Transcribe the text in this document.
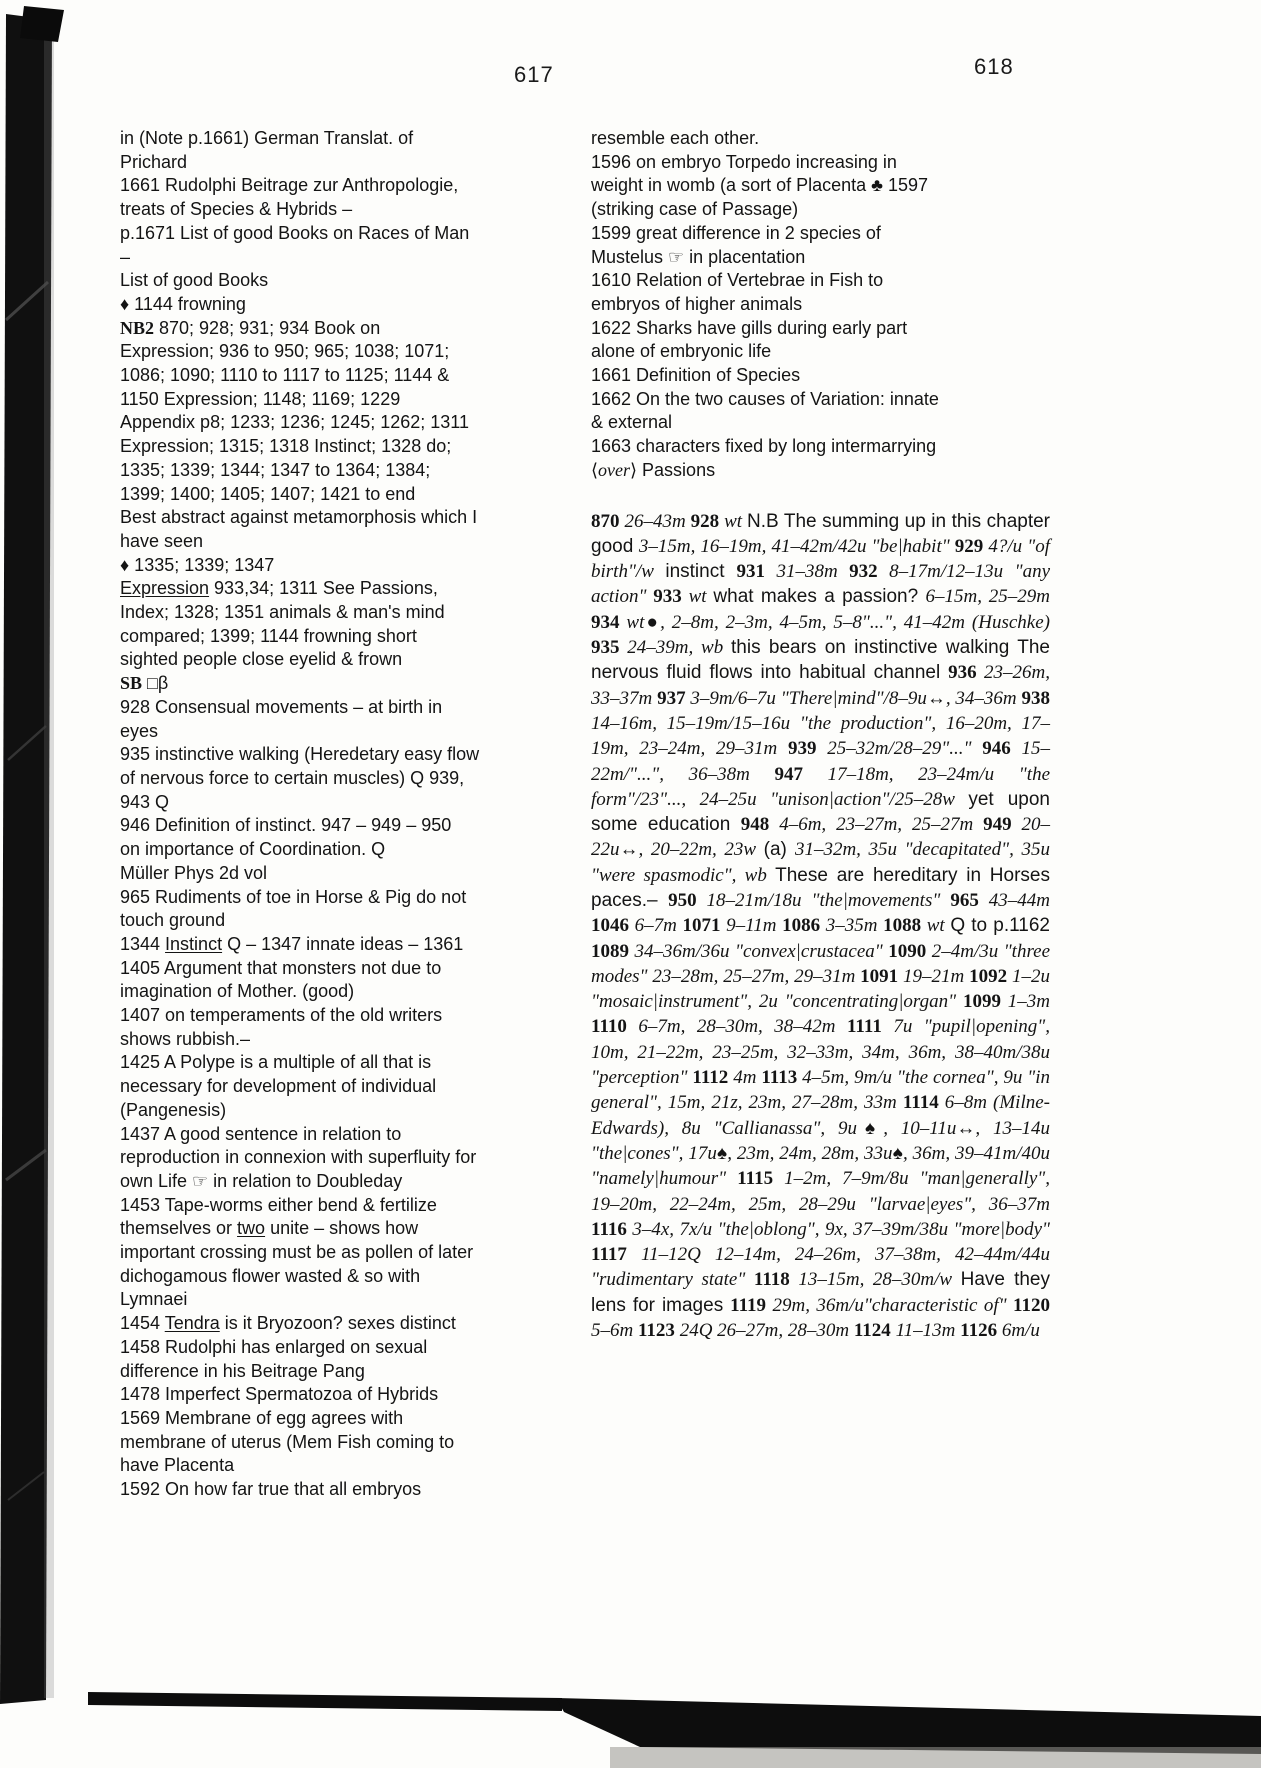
617	618

in (Note p.1661) German Translat. of
Prichard

1661 Rudolphi Beitrage zur Anthropologie,
treats of Species & Hybrids –

p.1671 List of good Books on Races of Man
–

List of good Books

♦ 1144 frowning

NB2 870; 928; 931; 934 Book on
Expression; 936 to 950; 965; 1038; 1071;
1086; 1090; 1110 to 1117 to 1125; 1144 &
1150 Expression; 1148; 1169; 1229
Appendix p8; 1233; 1236; 1245; 1262; 1311
Expression; 1315; 1318 Instinct; 1328 do;
1335; 1339; 1344; 1347 to 1364; 1384;
1399; 1400; 1405; 1407; 1421 to end

Best abstract against metamorphosis which I
have seen

♦ 1335; 1339; 1347

Expression 933,34; 1311 See Passions,
Index; 1328; 1351 animals & man's mind
compared; 1399; 1144 frowning short
sighted people close eyelid & frown

SB □β

928 Consensual movements – at birth in
eyes

935 instinctive walking (Heredetary easy flow
of nervous force to certain muscles) Q 939,
943 Q

946 Definition of instinct. 947 – 949 – 950
on importance of Coordination. Q

Müller Phys 2d vol

965 Rudiments of toe in Horse & Pig do not
touch ground

1344 Instinct Q – 1347 innate ideas – 1361

1405 Argument that monsters not due to
imagination of Mother. (good)

1407 on temperaments of the old writers
shows rubbish.–

1425 A Polype is a multiple of all that is
necessary for development of individual
(Pangenesis)

1437 A good sentence in relation to
reproduction in connexion with superfluity for
own Life ☞ in relation to Doubleday

1453 Tape-worms either bend & fertilize
themselves or two unite – shows how
important crossing must be as pollen of later
dichogamous flower wasted & so with
Lymnaei

1454 Tendra is it Bryozoon? sexes distinct

1458 Rudolphi has enlarged on sexual
difference in his Beitrage Pang

1478 Imperfect Spermatozoa of Hybrids

1569 Membrane of egg agrees with
membrane of uterus (Mem Fish coming to
have Placenta

1592 On how far true that all embryos

resemble each other.

1596 on embryo Torpedo increasing in
weight in womb (a sort of Placenta ♣ 1597
(striking case of Passage)

1599 great difference in 2 species of
Mustelus ☞ in placentation

1610 Relation of Vertebrae in Fish to
embryos of higher animals

1622 Sharks have gills during early part
alone of embryonic life

1661 Definition of Species

1662 On the two causes of Variation: innate
& external

1663 characters fixed by long intermarrying
⟨over⟩ Passions

870 26–43m 928 wt N.B The summing up in this chapter good 3–15m, 16–19m, 41–42m/42u "be|habit" 929 4?/u "of birth"/w instinct 931 31–38m 932 8–17m/12–13u "any action" 933 wt what makes a passion? 6–15m, 25–29m 934 wt●, 2–8m, 2–3m, 4–5m, 5–8"...", 41–42m (Huschke) 935 24–39m, wb this bears on instinctive walking The nervous fluid flows into habitual channel 936 23–26m, 33–37m 937 3–9m/6–7u "There|mind"/8–9u↔, 34–36m 938 14–16m, 15–19m/15–16u "the production", 16–20m, 17–19m, 23–24m, 29–31m 939 25–32m/28–29"..." 946 15–22m/"...", 36–38m 947 17–18m, 23–24m/u "the form"/23"..., 24–25u "unison|action"/25–28w yet upon some education 948 4–6m, 23–27m, 25–27m 949 20–22u↔, 20–22m, 23w (a) 31–32m, 35u "decapitated", 35u "were spasmodic", wb These are hereditary in Horses paces.– 950 18–21m/18u "the|movements" 965 43–44m 1046 6–7m 1071 9–11m 1086 3–35m 1088 wt Q to p.1162 1089 34–36m/36u "convex|crustacea" 1090 2–4m/3u "three modes" 23–28m, 25–27m, 29–31m 1091 19–21m 1092 1–2u "mosaic|instrument", 2u "concentrating|organ" 1099 1–3m 1110 6–7m, 28–30m, 38–42m 1111 7u "pupil|opening", 10m, 21–22m, 23–25m, 32–33m, 34m, 36m, 38–40m/38u "perception" 1112 4m 1113 4–5m, 9m/u "the cornea", 9u "in general", 15m, 21z, 23m, 27–28m, 33m 1114 6–8m (Milne-Edwards), 8u "Callianassa", 9u♠, 10–11u↔, 13–14u "the|cones", 17u♠, 23m, 24m, 28m, 33u♠, 36m, 39–41m/40u "namely|humour" 1115 1–2m, 7–9m/8u "man|generally", 19–20m, 22–24m, 25m, 28–29u "larvae|eyes", 36–37m 1116 3–4x, 7x/u "the|oblong", 9x, 37–39m/38u "more|body" 1117 11–12Q 12–14m, 24–26m, 37–38m, 42–44m/44u "rudimentary state" 1118 13–15m, 28–30m/w Have they lens for images 1119 29m, 36m/u"characteristic of" 1120 5–6m 1123 24Q 26–27m, 28–30m 1124 11–13m 1126 6m/u
